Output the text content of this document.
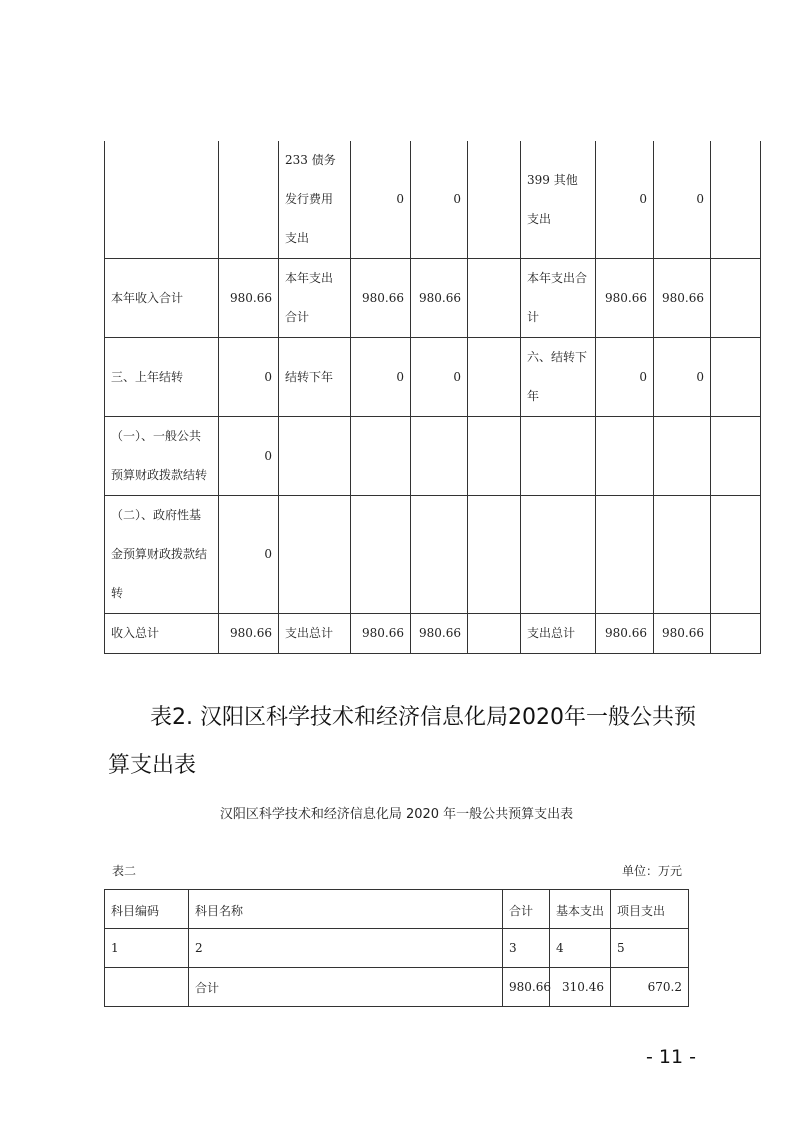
		233 债务发行费用支出	0	0		399 其他支出	0	0	
本年收入合计	980.66	本年支出合计	980.66	980.66		本年支出合计	980.66	980.66	
三、上年结转	0	结转下年	0	0		六、结转下年	0	0	
（一）、一般公共预算财政拨款结转	0								
（二）、政府性基金预算财政拨款结转	0								
收入总计	980.66	支出总计	980.66	980.66		支出总计	980.66	980.66	
表2. 汉阳区科学技术和经济信息化局2020年一般公共预算支出表
汉阳区科学技术和经济信息化局 2020 年一般公共预算支出表
表二	单位：万元
科目编码	科目名称	合计	基本支出	项目支出
1	2	3	4	5
	合计	980.66	310.46	670.2
- 11 -
